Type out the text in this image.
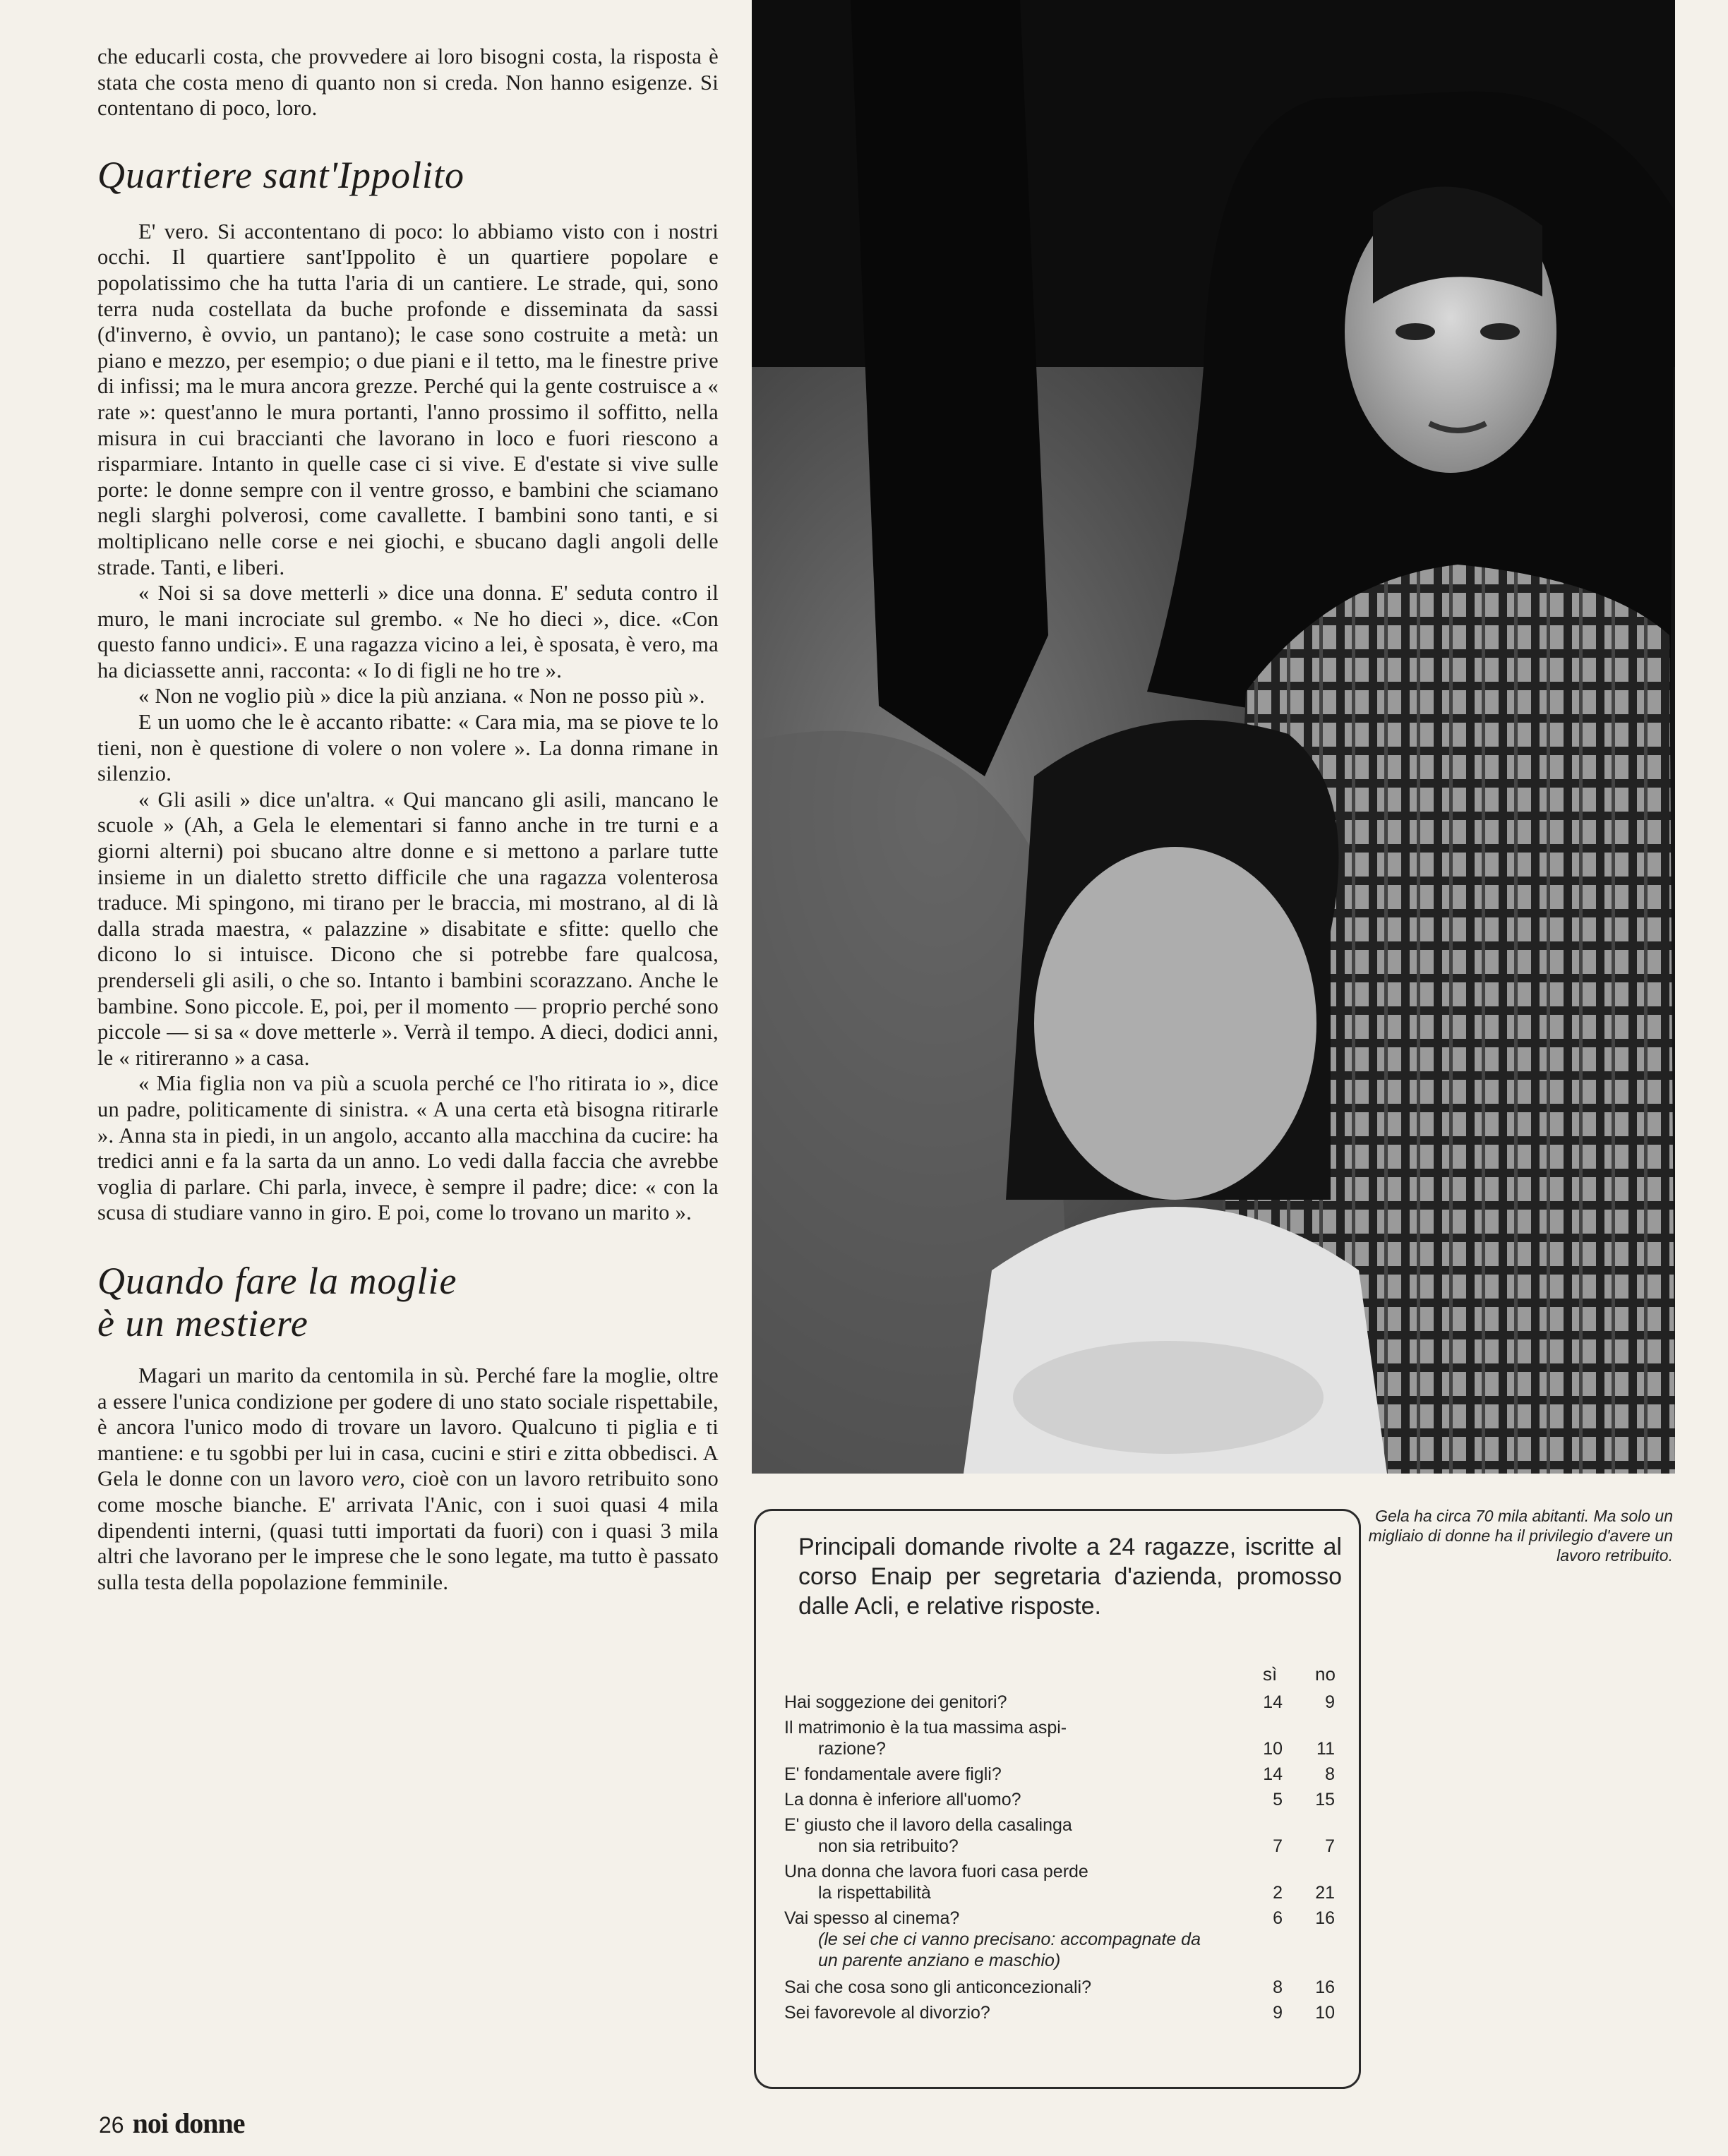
che educarli costa, che provvedere ai loro bisogni costa, la risposta è stata che costa meno di quanto non si creda. Non hanno esigenze. Si contentano di poco, loro.

Quartiere sant'Ippolito

E' vero. Si accontentano di poco: lo abbiamo visto con i nostri occhi. Il quartiere sant'Ippolito è un quartiere popolare e popolatissimo che ha tutta l'aria di un cantiere. Le strade, qui, sono terra nuda costellata da buche profonde e disseminata da sassi (d'inverno, è ovvio, un pantano); le case sono costruite a metà: un piano e mezzo, per esempio; o due piani e il tetto, ma le finestre prive di infissi; ma le mura ancora grezze. Perché qui la gente costruisce a « rate »: quest'anno le mura portanti, l'anno prossimo il soffitto, nella misura in cui braccianti che lavorano in loco e fuori riescono a risparmiare. Intanto in quelle case ci si vive. E d'estate si vive sulle porte: le donne sempre con il ventre grosso, e bambini che sciamano negli slarghi polverosi, come cavallette. I bambini sono tanti, e si moltiplicano nelle corse e nei giochi, e sbucano dagli angoli delle strade. Tanti, e liberi.

« Noi si sa dove metterli » dice una donna. E' seduta contro il muro, le mani incrociate sul grembo. « Ne ho dieci », dice. «Con questo fanno undici». E una ragazza vicino a lei, è sposata, è vero, ma ha diciassette anni, racconta: « Io di figli ne ho tre ».

« Non ne voglio più » dice la più anziana. « Non ne posso più ».

E un uomo che le è accanto ribatte: « Cara mia, ma se piove te lo tieni, non è questione di volere o non volere ». La donna rimane in silenzio.

« Gli asili » dice un'altra. « Qui mancano gli asili, mancano le scuole » (Ah, a Gela le elementari si fanno anche in tre turni e a giorni alterni) poi sbucano altre donne e si mettono a parlare tutte insieme in un dialetto stretto difficile che una ragazza volenterosa traduce. Mi spingono, mi tirano per le braccia, mi mostrano, al di là dalla strada maestra, « palazzine » disabitate e sfitte: quello che dicono lo si intuisce. Dicono che si potrebbe fare qualcosa, prenderseli gli asili, o che so. Intanto i bambini scorazzano. Anche le bambine. Sono piccole. E, poi, per il momento — proprio perché sono piccole — si sa « dove metterle ». Verrà il tempo. A dieci, dodici anni, le « ritireranno » a casa.

« Mia figlia non va più a scuola perché ce l'ho ritirata io », dice un padre, politicamente di sinistra. « A una certa età bisogna ritirarle ». Anna sta in piedi, in un angolo, accanto alla macchina da cucire: ha tredici anni e fa la sarta da un anno. Lo vedi dalla faccia che avrebbe voglia di parlare. Chi parla, invece, è sempre il padre; dice: « con la scusa di studiare vanno in giro. E poi, come lo trovano un marito ».

Quando fare la moglie
è un mestiere

Magari un marito da centomila in sù. Perché fare la moglie, oltre a essere l'unica condizione per godere di uno stato sociale rispettabile, è ancora l'unico modo di trovare un lavoro. Qualcuno ti piglia e ti mantiene: e tu sgobbi per lui in casa, cucini e stiri e zitta obbedisci. A Gela le donne con un lavoro vero, cioè con un lavoro retribuito sono come mosche bianche. E' arrivata l'Anic, con i suoi quasi 4 mila dipendenti interni, (quasi tutti importati da fuori) con i quasi 3 mila altri che lavorano per le imprese che le sono legate, ma tutto è passato sulla testa della popolazione femminile.

Gela ha circa 70 mila abitanti. Ma solo un migliaio di donne ha il privilegio d'avere un lavoro retribuito.
Principali domande rivolte a 24 ragazze, iscritte al corso Enaip per segretaria d'azienda, promosso dalle Acli, e relative risposte.
sì no
Hai soggezione dei genitori?	14	9
Il matrimonio è la tua massima aspi-
razione?	10	11
E' fondamentale avere figli?	14	8
La donna è inferiore all'uomo?	5	15
E' giusto che il lavoro della casalinga
non sia retribuito?	7	7
Una donna che lavora fuori casa perde
la rispettabilità	2	21
Vai spesso al cinema?
(le sei che ci vanno precisano: accompagnate da un parente anziano e maschio)
6	16
Sai che cosa sono gli anticoncezionali?	8	16
Sei favorevole al divorzio?	9	10
26 noi donne
